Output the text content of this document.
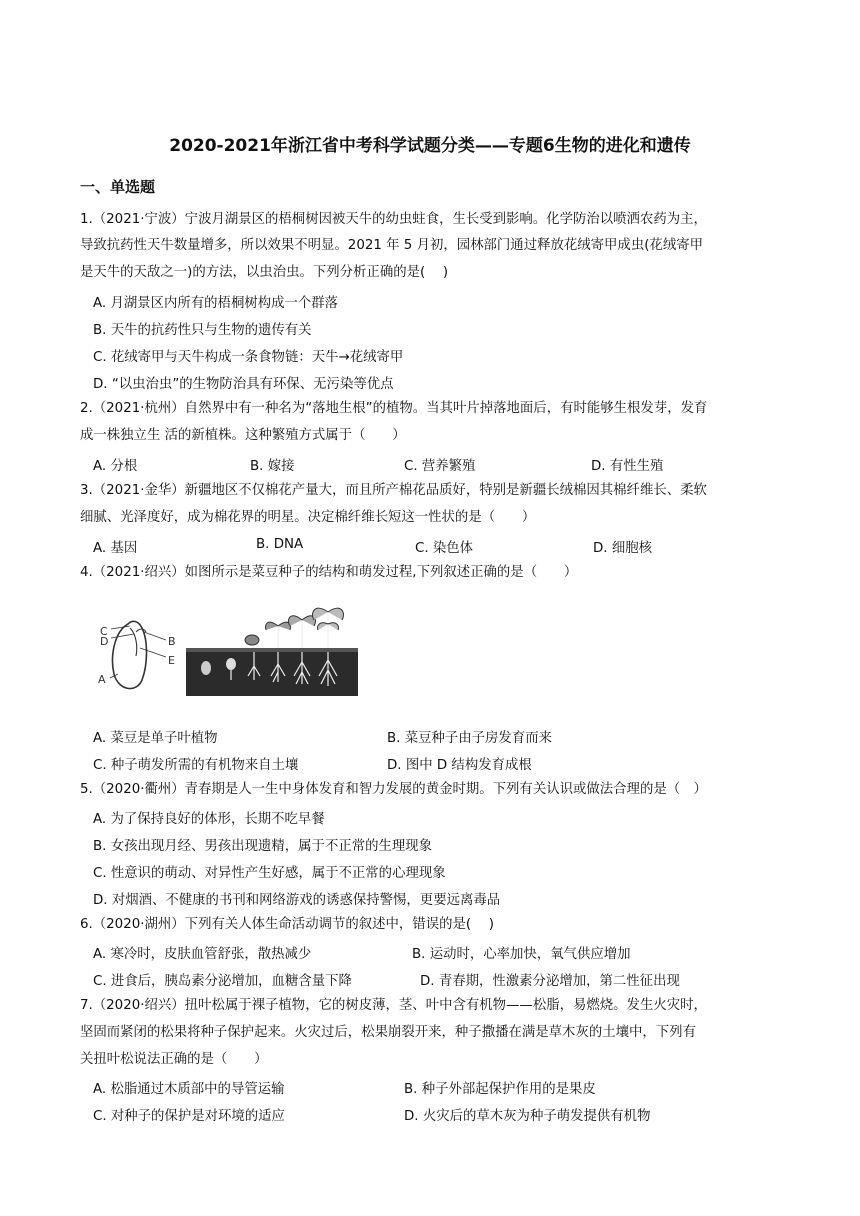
2020-2021年浙江省中考科学试题分类——专题6生物的进化和遗传
一、单选题
1.（2021·宁波）宁波月湖景区的梧桐树因被天牛的幼虫蛀食，生长受到影响。化学防治以喷洒农药为主，
导致抗药性天牛数量增多，所以效果不明显。2021 年 5 月初，园林部门通过释放花绒寄甲成虫(花绒寄甲
是天牛的天敌之一)的方法，以虫治虫。下列分析正确的是(　 )
A. 月湖景区内所有的梧桐树构成一个群落
B. 天牛的抗药性只与生物的遗传有关
C. 花绒寄甲与天牛构成一条食物链：天牛→花绒寄甲
D. “以虫治虫”的生物防治具有环保、无污染等优点
2.（2021·杭州）自然界中有一种名为“落地生根”的植物。当其叶片掉落地面后，有时能够生根发芽，发育
成一株独立生 活的新植株。这种繁殖方式属于（　　）
A. 分根	B. 嫁接	C. 营养繁殖	D. 有性生殖
3.（2021·金华）新疆地区不仅棉花产量大，而且所产棉花品质好，特别是新疆长绒棉因其棉纤维长、柔软
细腻、光泽度好，成为棉花界的明星。决定棉纤维长短这一性状的是（　　）
A. 基因	B. DNA	C. 染色体	D. 细胞核
4.（2021·绍兴）如图所示是菜豆种子的结构和萌发过程,下列叙述正确的是（　　）
C
D	B
E
A
A. 菜豆是单子叶植物	B. 菜豆种子由子房发育而来
C. 种子萌发所需的有机物来自土壤	D. 图中 D 结构发育成根
5.（2020·衢州）青春期是人一生中身体发育和智力发展的黄金时期。下列有关认识或做法合理的是（　）
A. 为了保持良好的体形，长期不吃早餐
B. 女孩出现月经、男孩出现遗精，属于不正常的生理现象
C. 性意识的萌动、对异性产生好感，属于不正常的心理现象
D. 对烟酒、不健康的书刊和网络游戏的诱惑保持警惕，更要远离毒品
6.（2020·湖州）下列有关人体生命活动调节的叙述中，错误的是(　 )
A. 寒冷时，皮肤血管舒张，散热减少	B. 运动时，心率加快，氧气供应增加
C. 进食后，胰岛素分泌增加，血糖含量下降	D. 青春期，性激素分泌增加，第二性征出现
7.（2020·绍兴）扭叶松属于裸子植物，它的树皮薄，茎、叶中含有机物——松脂，易燃烧。发生火灾时，
坚固而紧闭的松果将种子保护起来。火灾过后，松果崩裂开来，种子撒播在满是草木灰的土壤中，下列有
关扭叶松说法正确的是（　　）
A. 松脂通过木质部中的导管运输	B. 种子外部起保护作用的是果皮
C. 对种子的保护是对环境的适应	D. 火灾后的草木灰为种子萌发提供有机物
